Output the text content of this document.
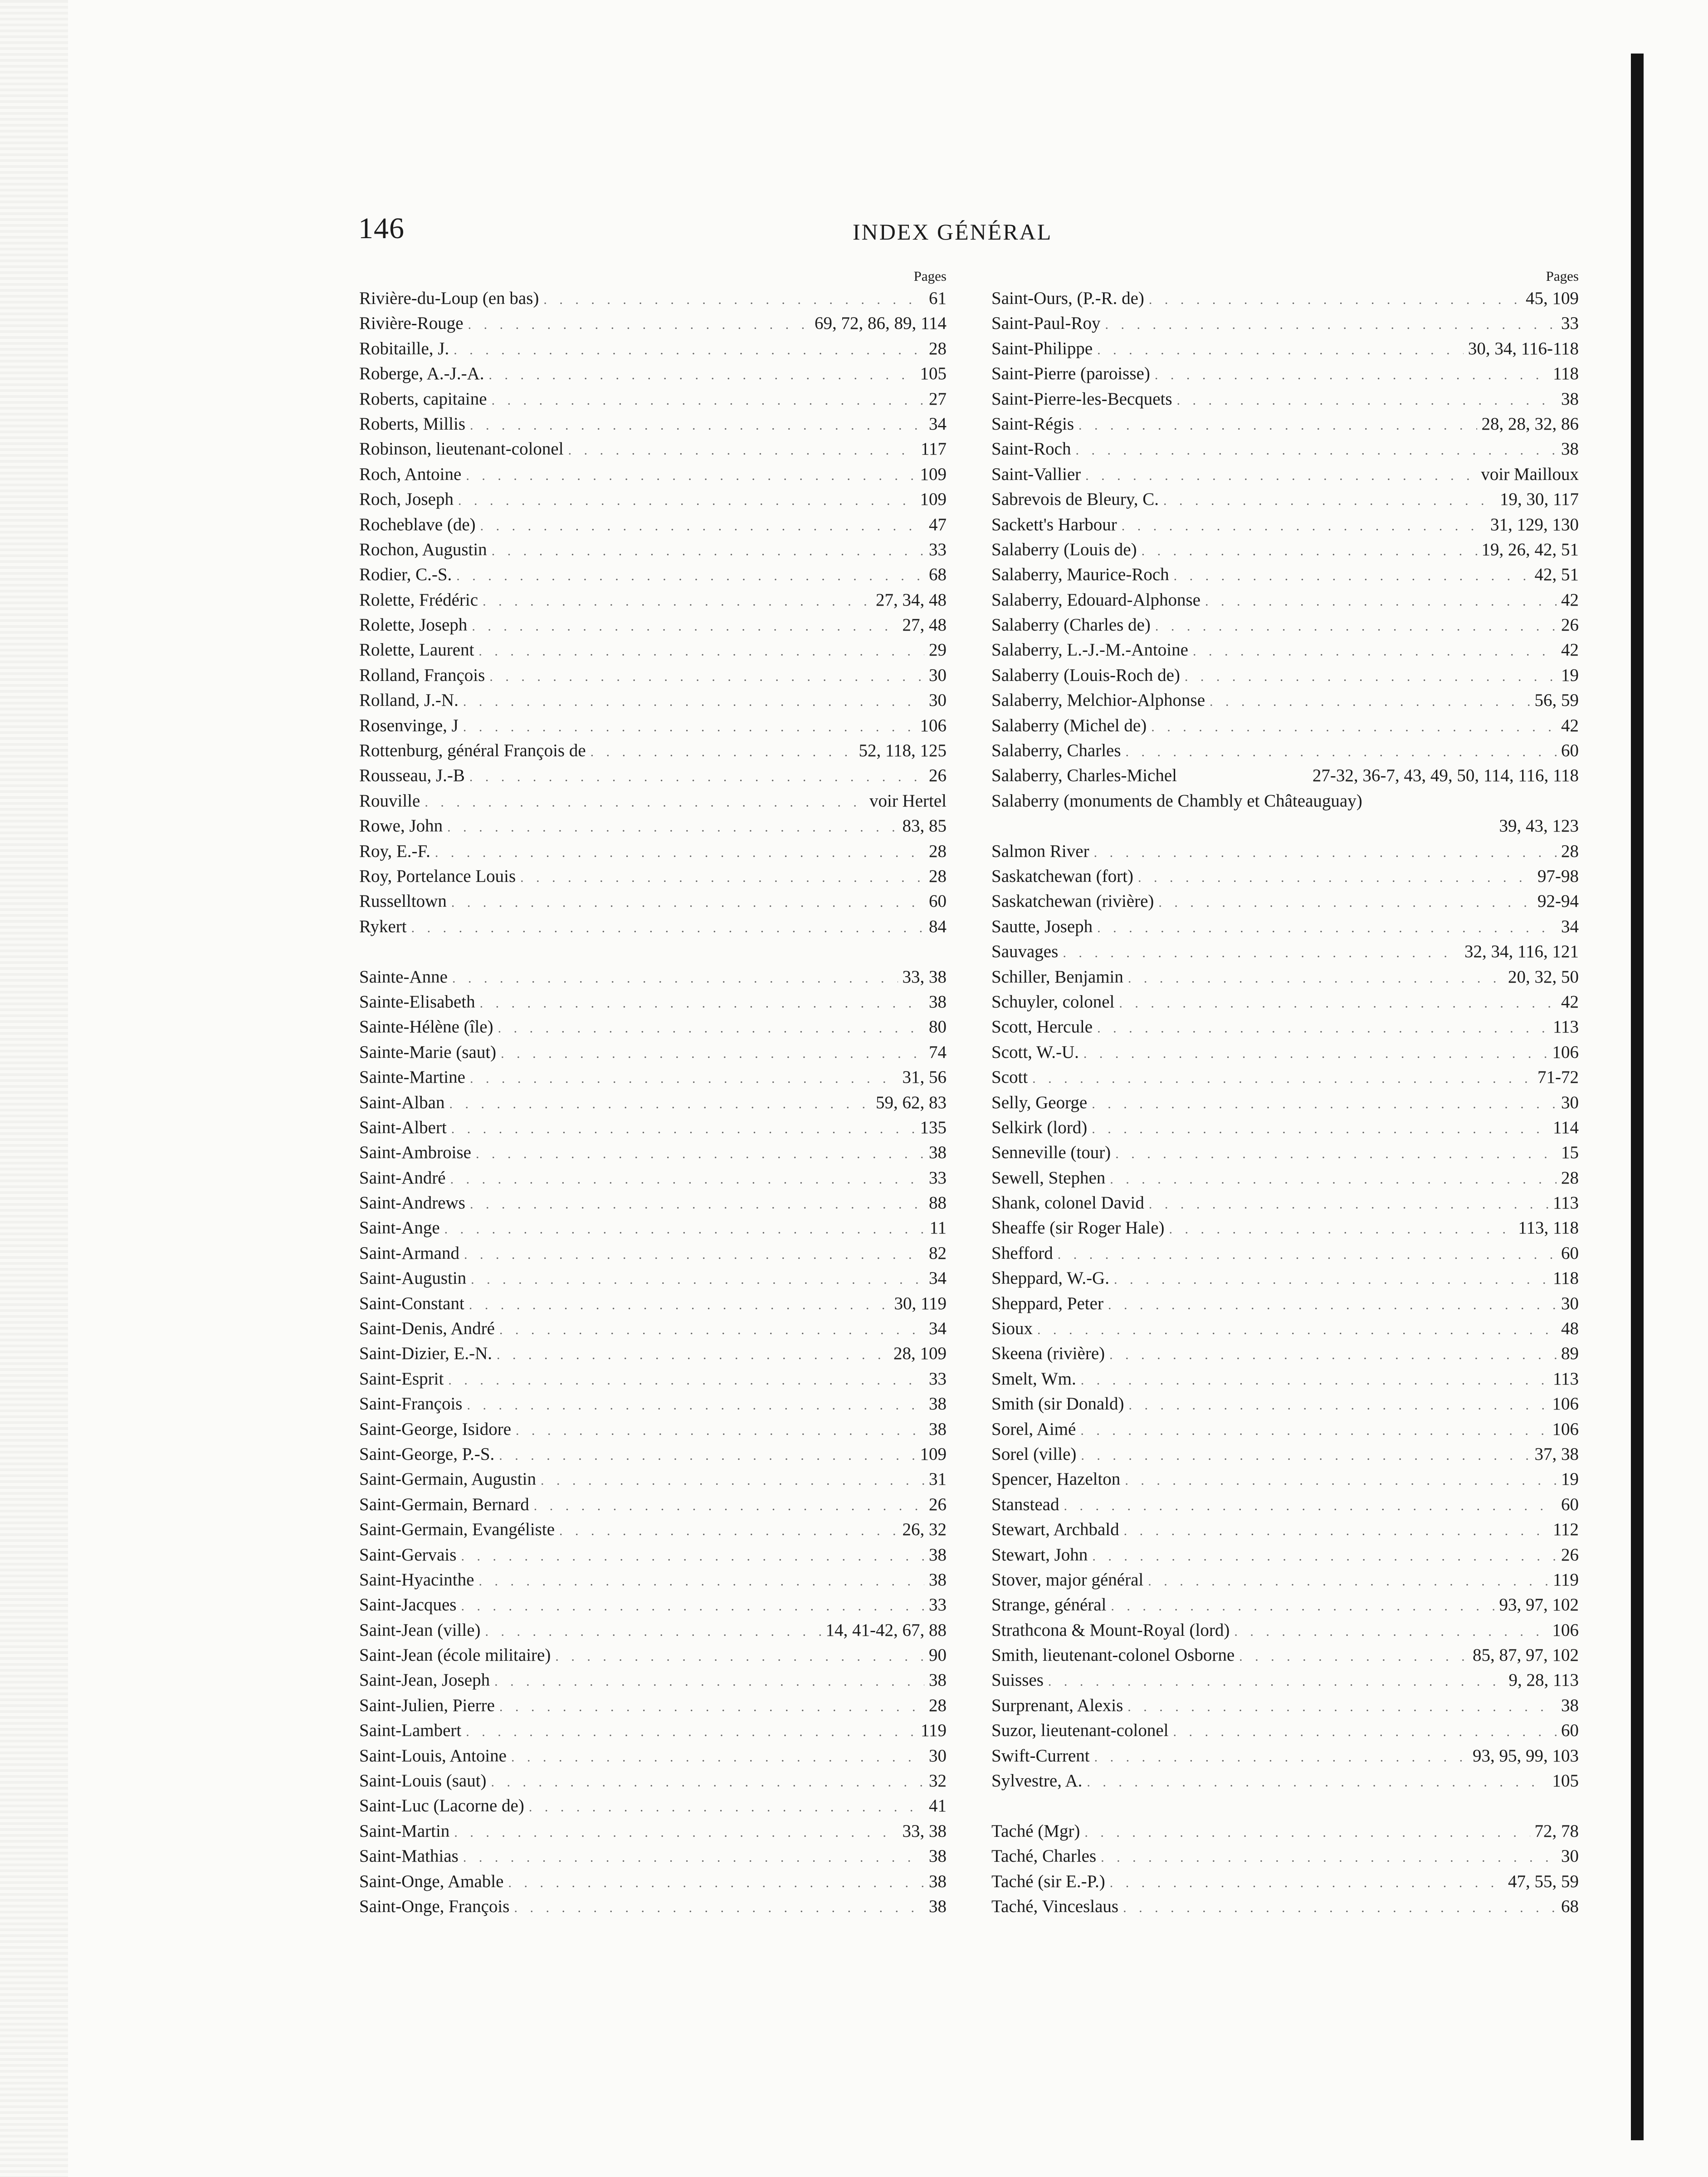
146	INDEX GÉNÉRAL
Pages
Rivière-du-Loup (en bas) . . .	61
Rivière-Rouge . . .	69, 72, 86, 89, 114
Robitaille, J. . . .	28
Roberge, A.-J.-A. . . .	105
Roberts, capitaine . . .	27
Roberts, Millis . . .	34
Robinson, lieutenant-colonel . . .	117
Roch, Antoine . . .	109
Roch, Joseph . . .	109
Rocheblave (de) . . .	47
Rochon, Augustin . . .	33
Rodier, C.-S. . . .	68
Rolette, Frédéric . . .	27, 34, 48
Rolette, Joseph . . .	27, 48
Rolette, Laurent . . .	29
Rolland, François . . .	30
Rolland, J.-N. . . .	30
Rosenvinge, J . . .	106
Rottenburg, général François de . . .	52, 118, 125
Rousseau, J.-B . . .	26
Rouville . . .	voir Hertel
Rowe, John . . .	83, 85
Roy, E.-F. . . .	28
Roy, Portelance Louis . . .	28
Russelltown . . .	60
Rykert . . .	84
Sainte-Anne . . .	33, 38
Sainte-Elisabeth . . .	38
Sainte-Hélène (île) . . .	80
Sainte-Marie (saut) . . .	74
Sainte-Martine . . .	31, 56
Saint-Alban . . .	59, 62, 83
Saint-Albert . . .	135
Saint-Ambroise . . .	38
Saint-André . . .	33
Saint-Andrews . . .	88
Saint-Ange . . .	11
Saint-Armand . . .	82
Saint-Augustin . . .	34
Saint-Constant . . .	30, 119
Saint-Denis, André . . .	34
Saint-Dizier, E.-N. . . .	28, 109
Saint-Esprit . . .	33
Saint-François . . .	38
Saint-George, Isidore . . .	38
Saint-George, P.-S. . . .	109
Saint-Germain, Augustin . . .	31
Saint-Germain, Bernard . . .	26
Saint-Germain, Evangéliste . . .	26, 32
Saint-Gervais . . .	38
Saint-Hyacinthe . . .	38
Saint-Jacques . . .	33
Saint-Jean (ville) . . .	14, 41-42, 67, 88
Saint-Jean (école militaire) . . .	90
Saint-Jean, Joseph . . .	38
Saint-Julien, Pierre . . .	28
Saint-Lambert . . .	119
Saint-Louis, Antoine . . .	30
Saint-Louis (saut) . . .	32
Saint-Luc (Lacorne de) . . .	41
Saint-Martin . . .	33, 38
Saint-Mathias . . .	38
Saint-Onge, Amable . . .	38
Saint-Onge, François . . .	38
Pages
Saint-Ours, (P.-R. de) . . .	45, 109
Saint-Paul-Roy . . .	33
Saint-Philippe . . .	30, 34, 116-118
Saint-Pierre (paroisse) . . .	118
Saint-Pierre-les-Becquets . . .	38
Saint-Régis . . .	28, 28, 32, 86
Saint-Roch . . .	38
Saint-Vallier . . .	voir Mailloux
Sabrevois de Bleury, C. . . .	19, 30, 117
Sackett's Harbour . . .	31, 129, 130
Salaberry (Louis de) . . .	19, 26, 42, 51
Salaberry, Maurice-Roch . . .	42, 51
Salaberry, Edouard-Alphonse . . .	42
Salaberry (Charles de) . . .	26
Salaberry, L.-J.-M.-Antoine . . .	42
Salaberry (Louis-Roch de) . . .	19
Salaberry, Melchior-Alphonse . . .	56, 59
Salaberry (Michel de) . . .	42
Salaberry, Charles . . .	60
Salaberry, Charles-Michel	27-32, 36-7, 43, 49, 50, 114, 116, 118
Salaberry (monuments de Chambly et Châteauguay)
39, 43, 123
Salmon River . . .	28
Saskatchewan (fort) . . .	97-98
Saskatchewan (rivière) . . .	92-94
Sautte, Joseph . . .	34
Sauvages . . .	32, 34, 116, 121
Schiller, Benjamin . . .	20, 32, 50
Schuyler, colonel . . .	42
Scott, Hercule . . .	113
Scott, W.-U. . . .	106
Scott . . .	71-72
Selly, George . . .	30
Selkirk (lord) . . .	114
Senneville (tour) . . .	15
Sewell, Stephen . . .	28
Shank, colonel David . . .	113
Sheaffe (sir Roger Hale) . . .	113, 118
Shefford . . .	60
Sheppard, W.-G. . . .	118
Sheppard, Peter . . .	30
Sioux . . .	48
Skeena (rivière) . . .	89
Smelt, Wm. . . .	113
Smith (sir Donald) . . .	106
Sorel, Aimé . . .	106
Sorel (ville) . . .	37, 38
Spencer, Hazelton . . .	19
Stanstead . . .	60
Stewart, Archbald . . .	112
Stewart, John . . .	26
Stover, major général . . .	119
Strange, général . . .	93, 97, 102
Strathcona & Mount-Royal (lord) . . .	106
Smith, lieutenant-colonel Osborne . . .	85, 87, 97, 102
Suisses . . .	9, 28, 113
Surprenant, Alexis . . .	38
Suzor, lieutenant-colonel . . .	60
Swift-Current . . .	93, 95, 99, 103
Sylvestre, A. . . .	105
Taché (Mgr) . . .	72, 78
Taché, Charles . . .	30
Taché (sir E.-P.) . . .	47, 55, 59
Taché, Vinceslaus . . .	68
